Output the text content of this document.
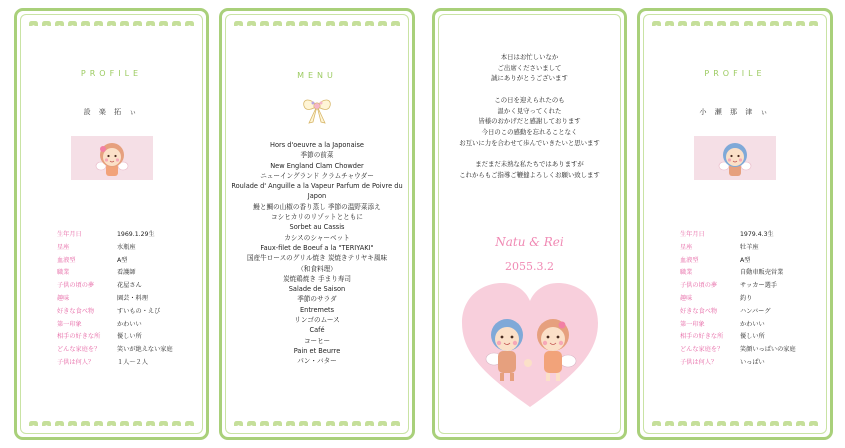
PROFILE
設 楽 拓 ぃ
生年月日	1969.1.29生
星座	水瓶座
血液型	A型
職業	看護師
子供の頃の夢	花屋さん
趣味	園芸・料理
好きな食べ物	すいもの・えび
第一印象	かわいい
相手の好きな所	優しい所
どんな家庭を？	笑いが絶えない家庭
子供は何人？	１人〜２人
MENU
Hors d'oeuvre a la Japonaise
季節の前菜
New England Clam Chowder
ニューイングランド クラムチャウダー
Roulade d' Anguille a la Vapeur Parfum de Poivre du Japon
鰻と鯛の山椒の香り蒸し 季節の温野菜添え
コシヒカリのリゾットとともに
Sorbet au Cassis
カシスのシャーベット
Faux-filet de Boeuf a la "TERIYAKI"
国産牛ロースのグリル焼き 炭焼きテリヤキ風味
（和食料理）
炭焼鶏焼き 手まり寿司
Salade de Saison
季節のサラダ
Entremets
リンゴのムース
Café
コーヒー
Pain et Beurre
パン・バター
本日はお忙しいなか
ご出席くださいまして
誠にありがとうございます
この日を迎えられたのも
温かく見守ってくれた
皆様のおかげだと感謝しております
今日のこの感動を忘れることなく
お互いに力を合わせて歩んでいきたいと思います
まだまだ未熟な私たちではありますが
これからもご指導ご鞭撻よろしくお願い致します
Natu & Rei
2055.3.2
PROFILE
小 瀬 那 津 ぃ
生年月日	1979.4.3生
星座	牡羊座
血液型	A型
職業	自動車販売営業
子供の頃の夢	サッカー選手
趣味	釣り
好きな食べ物	ハンバーグ
第一印象	かわいい
相手の好きな所	優しい所
どんな家庭を？	笑顔いっぱいの家庭
子供は何人？	いっぱい
